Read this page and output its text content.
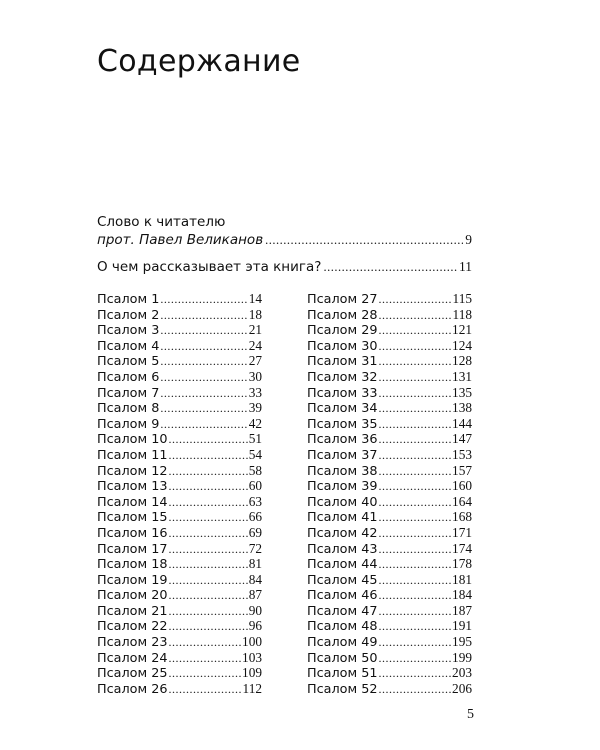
Содержание
Слово к читателю
прот. Павел Великанов .....	9
О чем рассказывает эта книга? .....	11
Псалом 1 .....	14
Псалом 2 .....	18
Псалом 3 .....	21
Псалом 4 .....	24
Псалом 5 .....	27
Псалом 6 .....	30
Псалом 7 .....	33
Псалом 8 .....	39
Псалом 9 .....	42
Псалом 10 .....	51
Псалом 11 .....	54
Псалом 12 .....	58
Псалом 13 .....	60
Псалом 14 .....	63
Псалом 15 .....	66
Псалом 16 .....	69
Псалом 17 .....	72
Псалом 18 .....	81
Псалом 19 .....	84
Псалом 20 .....	87
Псалом 21 .....	90
Псалом 22 .....	96
Псалом 23 .....	100
Псалом 24 .....	103
Псалом 25 .....	109
Псалом 26 .....	112
Псалом 27 .....	115
Псалом 28 .....	118
Псалом 29 .....	121
Псалом 30 .....	124
Псалом 31 .....	128
Псалом 32 .....	131
Псалом 33 .....	135
Псалом 34 .....	138
Псалом 35 .....	144
Псалом 36 .....	147
Псалом 37 .....	153
Псалом 38 .....	157
Псалом 39 .....	160
Псалом 40 .....	164
Псалом 41 .....	168
Псалом 42 .....	171
Псалом 43 .....	174
Псалом 44 .....	178
Псалом 45 .....	181
Псалом 46 .....	184
Псалом 47 .....	187
Псалом 48 .....	191
Псалом 49 .....	195
Псалом 50 .....	199
Псалом 51 .....	203
Псалом 52 .....	206
5
